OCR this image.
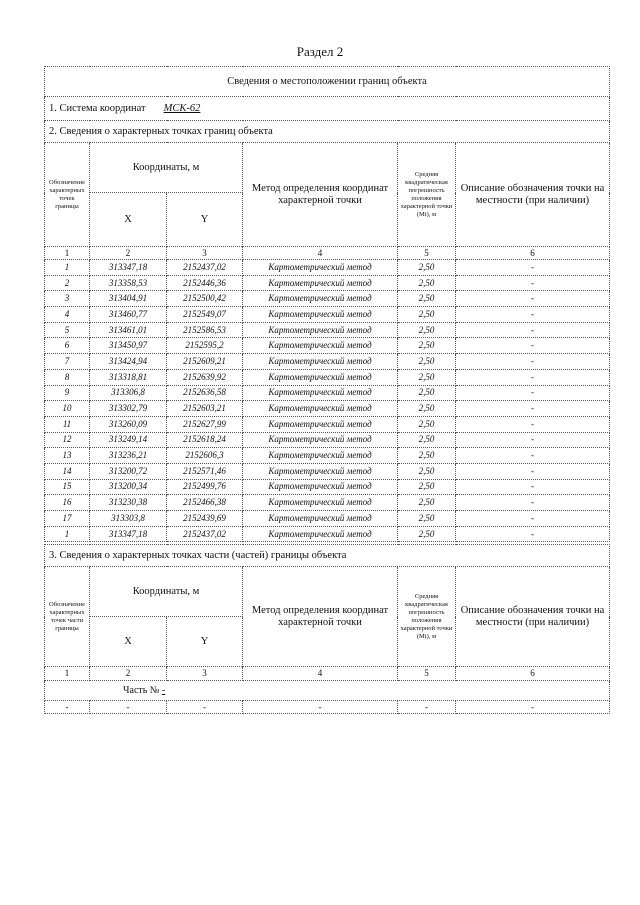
Раздел 2
Сведения о местоположении границ объекта					
1. Система координат МСК-62					
2. Сведения о характерных точках границ объекта					
Обозначение характерных точек границы	Координаты, м		Метод определения координат характерной точки	Средняя квадратическая погрешность положения характерной точки (Mt), м	Описание обозначения точки на местности (при наличии)
	X	Y			
1	2	3	4	5	6
1	313347,18	2152437,02	Картометрический метод	2,50	-
2	313358,53	2152446,36	Картометрический метод	2,50	-
3	313404,91	2152500,42	Картометрический метод	2,50	-
4	313460,77	2152549,07	Картометрический метод	2,50	-
5	313461,01	2152586,53	Картометрический метод	2,50	-
6	313450,97	2152595,2	Картометрический метод	2,50	-
7	313424,94	2152609,21	Картометрический метод	2,50	-
8	313318,81	2152639,92	Картометрический метод	2,50	-
9	313306,8	2152636,58	Картометрический метод	2,50	-
10	313302,79	2152603,21	Картометрический метод	2,50	-
11	313260,09	2152627,99	Картометрический метод	2,50	-
12	313249,14	2152618,24	Картометрический метод	2,50	-
13	313236,21	2152606,3	Картометрический метод	2,50	-
14	313200,72	2152571,46	Картометрический метод	2,50	-
15	313200,34	2152499,76	Картометрический метод	2,50	-
16	313230,38	2152466,38	Картометрический метод	2,50	-
17	313303,8	2152439,69	Картометрический метод	2,50	-
1	313347,18	2152437,02	Картометрический метод	2,50	-
3. Сведения о характерных точках части (частей) границы объекта					
Обозначение характерных точек части границы	Координаты, м		Метод определения координат характерной точки	Средняя квадратическая погрешность положения характерной точки (Mt), м	Описание обозначения точки на местности (при наличии)
	X	Y			
1	2	3	4	5	6
Часть № -					
-	-	-	-	-	-
